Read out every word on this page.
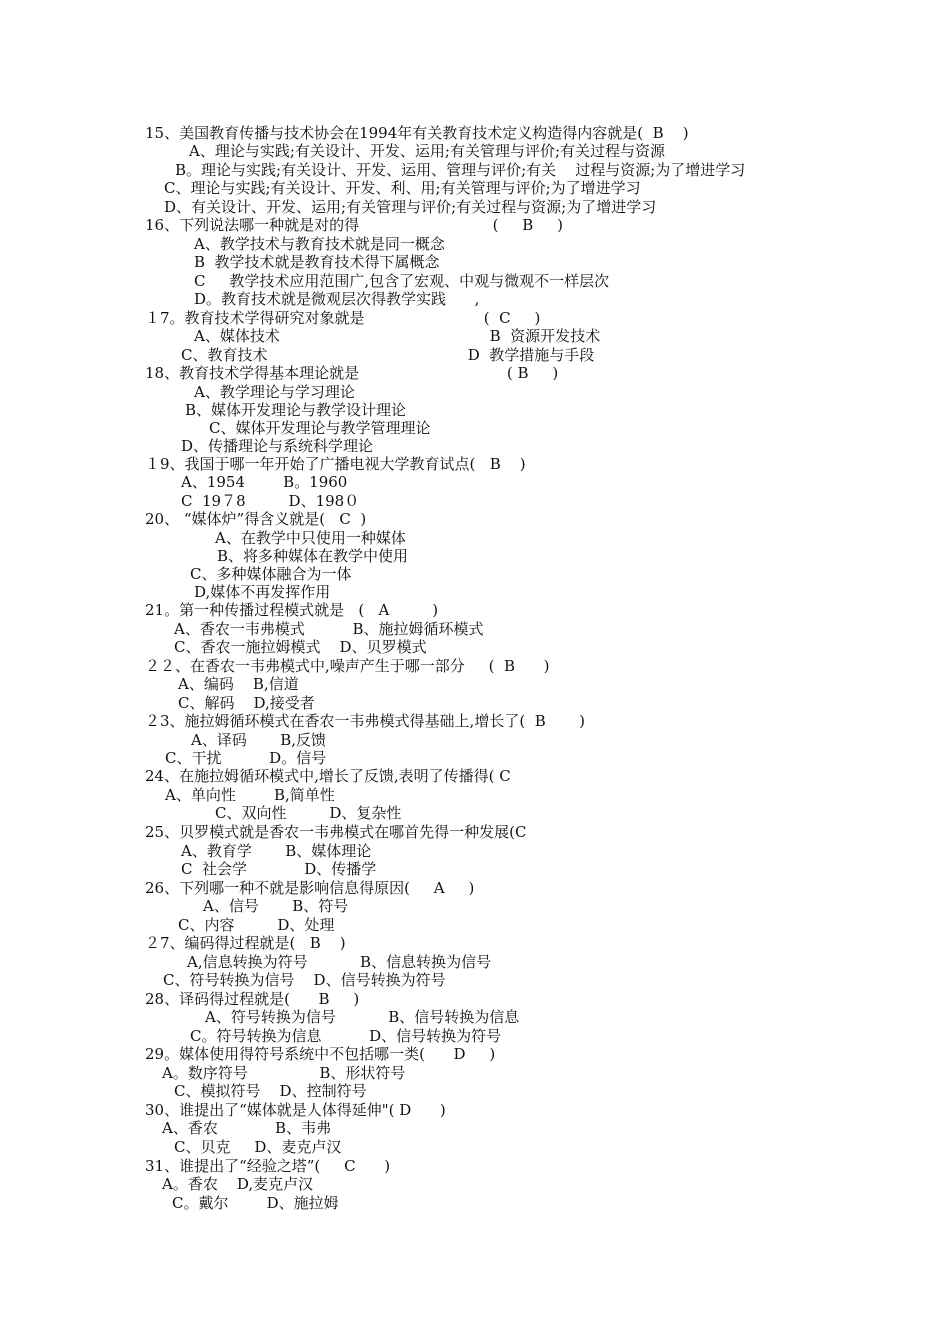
15、美国教育传播与技术协会在1994年有关教育技术定义构造得内容就是(  B    )
A、理论与实践;有关设计、开发、运用;有关管理与评价;有关过程与资源
B。理论与实践;有关设计、开发、运用、管理与评价;有关    过程与资源;为了增进学习
C、理论与实践;有关设计、开发、利、用;有关管理与评价;为了增进学习
D、有关设计、开发、运用;有关管理与评价;有关过程与资源;为了增进学习
16、下列说法哪一种就是对的得                            (     B     )
A、教学技术与教育技术就是同一概念
B  教学技术就是教育技术得下属概念
C     教学技术应用范围广,包含了宏观、中观与微观不一样层次
D。教育技术就是微观层次得教学实践      ,
１7。教育技术学得研究对象就是                         (  C     )
A、媒体技术                                            B  资源开发技术
C、教育技术                                          D  教学措施与手段
18、教育技术学得基本理论就是                               ( B     )
A、教学理论与学习理论
B、媒体开发理论与教学设计理论
C、媒体开发理论与教学管理理论
D、传播理论与系统科学理论
１9、我国于哪一年开始了广播电视大学教育试点(   B    )
A、1954        B。1960
C  19７8         D、198０
20、 “媒体炉”得含义就是(   C  )
A、在教学中只使用一种媒体
B、将多种媒体在教学中使用
C、多种媒体融合为一体
D,媒体不再发挥作用
21。第一种传播过程模式就是   (   A         )
A、香农一韦弗模式          B、施拉姆循环模式
C、香农一施拉姆模式    D、贝罗模式
２２、在香农一韦弗模式中,噪声产生于哪一部分     (  B      )
A、编码    B,信道
C、解码    D,接受者
２3、施拉姆循环模式在香农一韦弗模式得基础上,增长了(  B       )
A、译码       B,反馈
C、干扰          D。信号
24、在施拉姆循环模式中,增长了反馈,表明了传播得( C
A、单向性        B,简单性
C、双向性         D、复杂性
25、贝罗模式就是香农一韦弗模式在哪首先得一种发展(C
A、教育学       B、媒体理论
C  社会学            D、传播学
26、下列哪一种不就是影响信息得原因(     A     )
A、信号       B、符号
C、内容         D、处理
２7、编码得过程就是(   B    )
A,信息转换为符号           B、信息转换为信号
C、符号转换为信号    D、信号转换为符号
28、译码得过程就是(      B     )
A、符号转换为信号           B、信号转换为信息
C。符号转换为信息          D、信号转换为符号
29。媒体使用得符号系统中不包括哪一类(      D     )
A。数序符号               B、形状符号
C、模拟符号    D、控制符号
30、谁提出了“媒体就是人体得延伸"( D      )
A、香农            B、韦弗
C、贝克     D、麦克卢汉
31、谁提出了“经验之塔”(     C      )
A。香农    D,麦克卢汉
C。戴尔        D、施拉姆
